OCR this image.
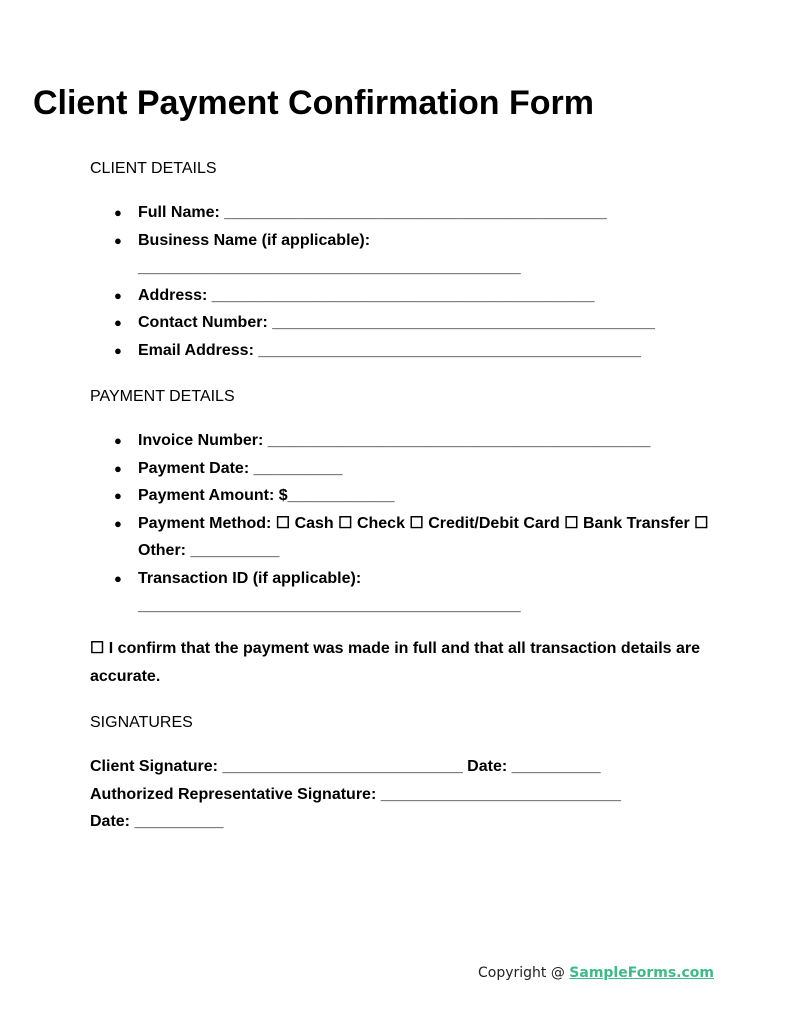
Client Payment Confirmation Form
CLIENT DETAILS
● Full Name: ___________________________________________
● Business Name (if applicable):
___________________________________________
● Address: ___________________________________________
● Contact Number: ___________________________________________
● Email Address: ___________________________________________
PAYMENT DETAILS
● Invoice Number: ___________________________________________
● Payment Date: __________
● Payment Amount: $____________
● Payment Method: ☐ Cash ☐ Check ☐ Credit/Debit Card ☐ Bank Transfer ☐
Other: __________
● Transaction ID (if applicable):
___________________________________________

☐ I confirm that the payment was made in full and that all transaction details are accurate.

SIGNATURES
Client Signature: ___________________________ Date: __________
Authorized Representative Signature: ___________________________
Date: __________
Copyright @ SampleForms.com
